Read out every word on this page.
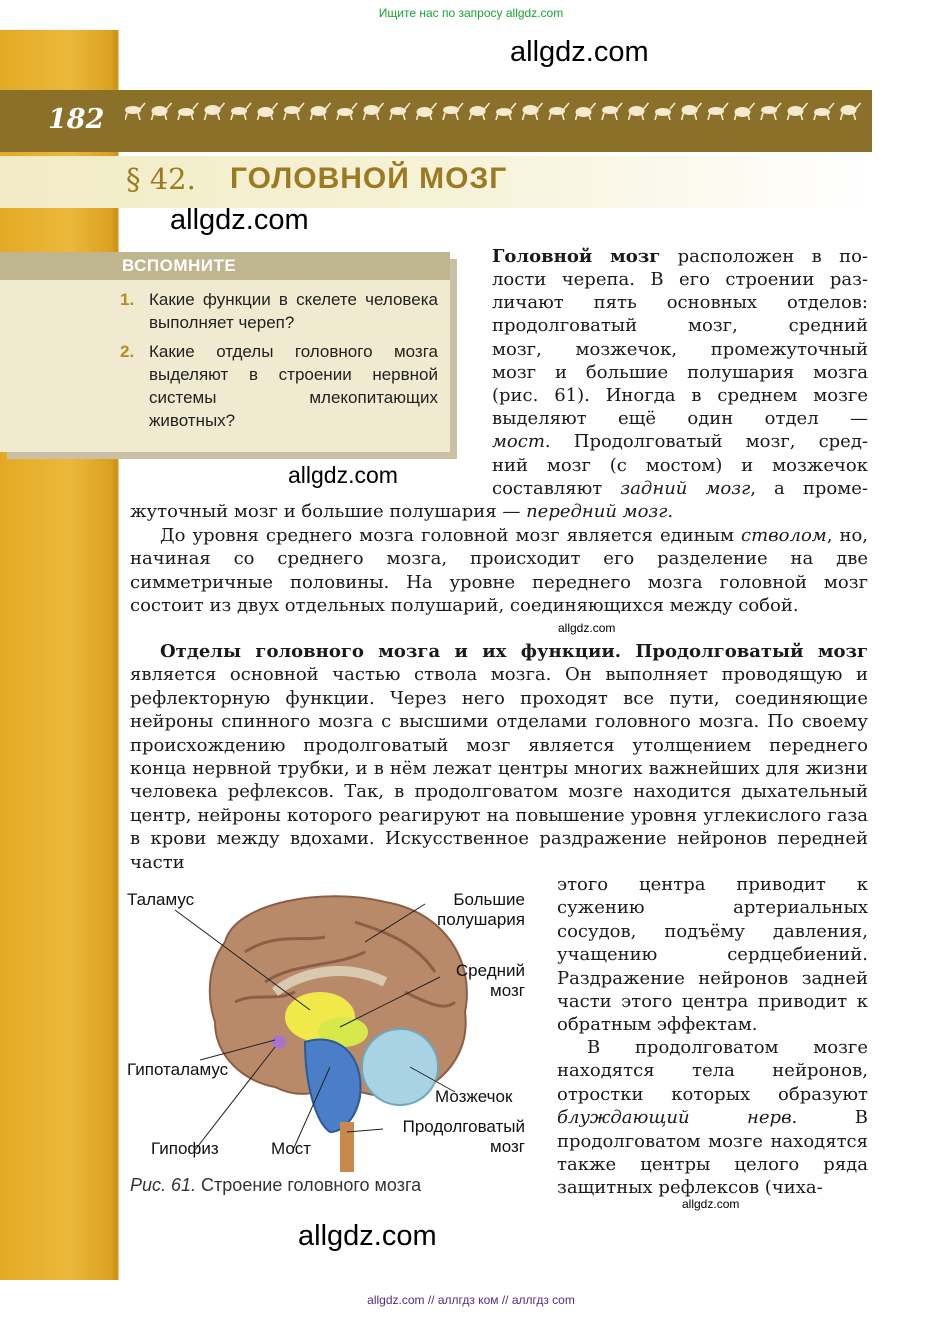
Ищите нас по запросу allgdz.com
allgdz.com
182
§ 42. ГОЛОВНОЙ МОЗГ
allgdz.com
ВСПОМНИТЕ
1. Какие функции в скелете человека выполняет череп?
2. Какие отделы головного мозга выделяют в строении нервной системы млекопитающих животных?
allgdz.com
Головной мозг расположен в по-
лости черепа. В его строении раз-
личают пять основных отделов:
продолговатый мозг, средний
мозг, мозжечок, промежуточный
мозг и большие полушария мозга
(рис. 61). Иногда в среднем мозге
выделяют ещё один отдел —
мост. Продолговатый мозг, сред-
ний мозг (с мостом) и мозжечок
составляют задний мозг, а проме-
жуточный мозг и большие полушария — передний мозг.
До уровня среднего мозга головной мозг является единым стволом, но, начиная со среднего мозга, происходит его разделение на две симметричные половины. На уровне переднего мозга головной мозг состоит из двух отдельных полушарий, соединяющихся между собой.
allgdz.com
Отделы головного мозга и их функции. Продолговатый мозг является основной частью ствола мозга. Он выполняет проводящую и рефлекторную функции. Через него проходят все пути, соединяющие нейроны спинного мозга с высшими отделами головного мозга. По своему происхождению продолговатый мозг является утолщением переднего конца нервной трубки, и в нём лежат центры многих важнейших для жизни человека рефлексов. Так, в продолговатом мозге находится дыхательный центр, нейроны которого реагируют на повышение уровня углекислого газа в крови между вдохами. Искусственное раздражение нейронов передней части
этого центра приводит к сужению артериальных сосудов, подъёму давления, учащению сердцебиений. Раздражение нейронов задней части этого центра приводит к обратным эффектам.
В продолговатом мозге находятся тела нейронов, отростки которых образуют блуждающий нерв. В продолговатом мозге находятся также центры целого ряда защитных рефлексов (чиха-
allgdz.com
Таламус	Большие полушария
Средний мозг
Гипоталамус
Мозжечок
Продолговатый мозг
Гипофиз	Мост
Рис. 61. Строение головного мозга
allgdz.com
allgdz.com // аллгдз ком // аллгдз com
